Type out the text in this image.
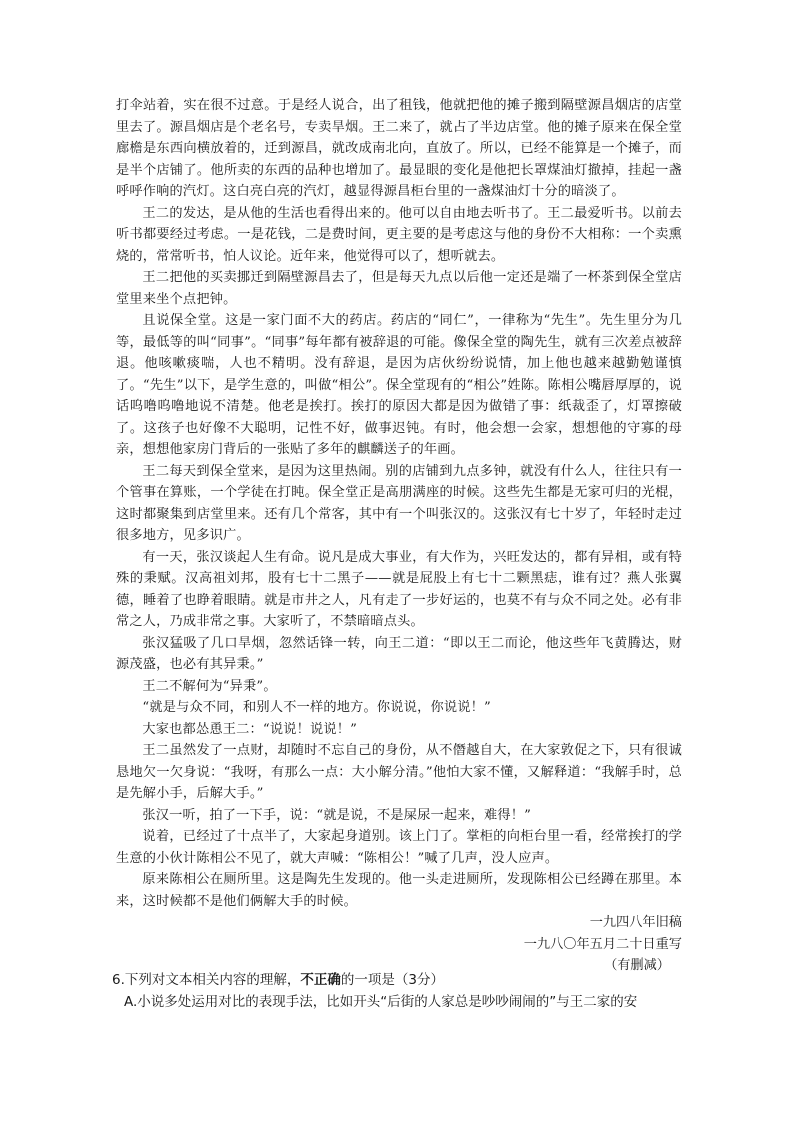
打伞站着，实在很不过意。于是经人说合，出了租钱，他就把他的摊子搬到隔壁源昌烟店的店堂里去了。源昌烟店是个老名号，专卖旱烟。王二来了，就占了半边店堂。他的摊子原来在保全堂廊檐是东西向横放着的，迁到源昌，就改成南北向，直放了。所以，已经不能算是一个摊子，而是半个店铺了。他所卖的东西的品种也增加了。最显眼的变化是他把长罩煤油灯撤掉，挂起一盏呼呼作响的汽灯。这白亮白亮的汽灯，越显得源昌柜台里的一盏煤油灯十分的暗淡了。

王二的发达，是从他的生活也看得出来的。他可以自由地去听书了。王二最爱听书。以前去听书都要经过考虑。一是花钱，二是费时间，更主要的是考虑这与他的身份不大相称：一个卖熏烧的，常常听书，怕人议论。近年来，他觉得可以了，想听就去。

王二把他的买卖挪迁到隔壁源昌去了，但是每天九点以后他一定还是端了一杯茶到保全堂店堂里来坐个点把钟。

且说保全堂。这是一家门面不大的药店。药店的“同仁”，一律称为“先生”。先生里分为几等，最低等的叫“同事”。“同事”每年都有被辞退的可能。像保全堂的陶先生，就有三次差点被辞退。他咳嗽痰喘，人也不精明。没有辞退，是因为店伙纷纷说情，加上他也越来越勤勉谨慎了。“先生”以下，是学生意的，叫做“相公”。保全堂现有的“相公”姓陈。陈相公嘴唇厚厚的，说话呜噜呜噜地说不清楚。他老是挨打。挨打的原因大都是因为做错了事：纸裁歪了，灯罩擦破了。这孩子也好像不大聪明，记性不好，做事迟钝。有时，他会想一会家，想想他的守寡的母亲，想想他家房门背后的一张贴了多年的麒麟送子的年画。

王二每天到保全堂来，是因为这里热闹。别的店铺到九点多钟，就没有什么人，往往只有一个管事在算账，一个学徒在打盹。保全堂正是高朋满座的时候。这些先生都是无家可归的光棍，这时都聚集到店堂里来。还有几个常客，其中有一个叫张汉的。这张汉有七十岁了，年轻时走过很多地方，见多识广。

有一天，张汉谈起人生有命。说凡是成大事业，有大作为，兴旺发达的，都有异相，或有特殊的秉赋。汉高祖刘邦，股有七十二黑子——就是屁股上有七十二颗黑痣，谁有过？燕人张翼德，睡着了也睁着眼睛。就是市井之人，凡有走了一步好运的，也莫不有与众不同之处。必有非常之人，乃成非常之事。大家听了，不禁暗暗点头。

张汉猛吸了几口旱烟，忽然话锋一转，向王二道：“即以王二而论，他这些年飞黄腾达，财源茂盛，也必有其异秉。”

王二不解何为“异秉”。

“就是与众不同，和别人不一样的地方。你说说，你说说！”

大家也都怂恿王二：“说说！说说！”

王二虽然发了一点财，却随时不忘自己的身份，从不僭越自大，在大家敦促之下，只有很诚恳地欠一欠身说：“我呀，有那么一点：大小解分清。”他怕大家不懂，又解释道：“我解手时，总是先解小手，后解大手。”

张汉一听，拍了一下手，说：“就是说，不是屎尿一起来，难得！”

说着，已经过了十点半了，大家起身道别。该上门了。掌柜的向柜台里一看，经常挨打的学生意的小伙计陈相公不见了，就大声喊：“陈相公！”喊了几声，没人应声。

原来陈相公在厕所里。这是陶先生发现的。他一头走进厕所，发现陈相公已经蹲在那里。本来，这时候都不是他们俩解大手的时候。

一九四八年旧稿

一九八〇年五月二十日重写

（有删减）

6.下列对文本相关内容的理解，不正确的一项是（3分）

A.小说多处运用对比的表现手法，比如开头“后街的人家总是吵吵闹闹的”与王二家的安
